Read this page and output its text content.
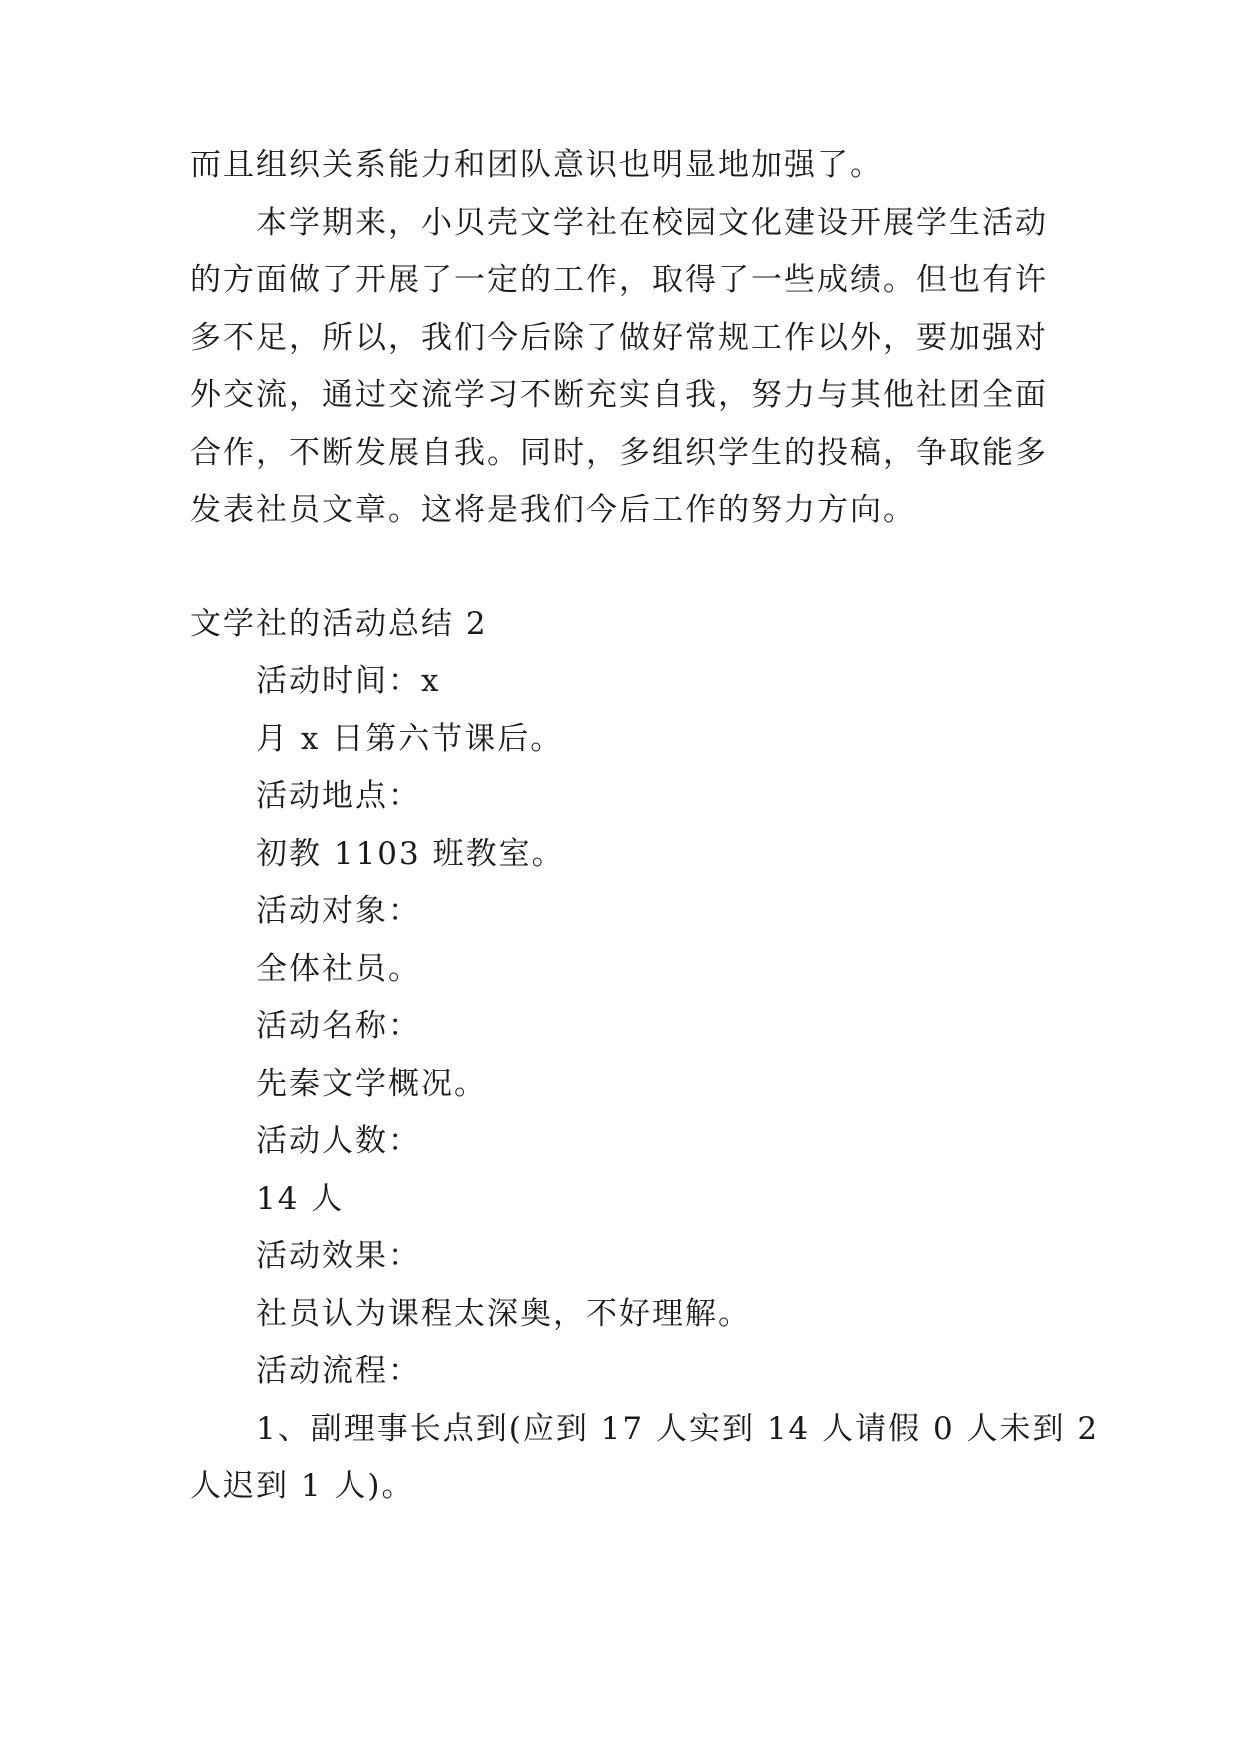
而且组织关系能力和团队意识也明显地加强了。
本学期来，小贝壳文学社在校园文化建设开展学生活动
的方面做了开展了一定的工作，取得了一些成绩。但也有许
多不足，所以，我们今后除了做好常规工作以外，要加强对
外交流，通过交流学习不断充实自我，努力与其他社团全面
合作，不断发展自我。同时，多组织学生的投稿，争取能多
发表社员文章。这将是我们今后工作的努力方向。
文学社的活动总结 2
活动时间：x
月 x 日第六节课后。
活动地点：
初教 1103 班教室。
活动对象：
全体社员。
活动名称：
先秦文学概况。
活动人数：
14 人
活动效果：
社员认为课程太深奥，不好理解。
活动流程：
1、副理事长点到(应到 17 人实到 14 人请假 0 人未到 2
人迟到 1 人)。
